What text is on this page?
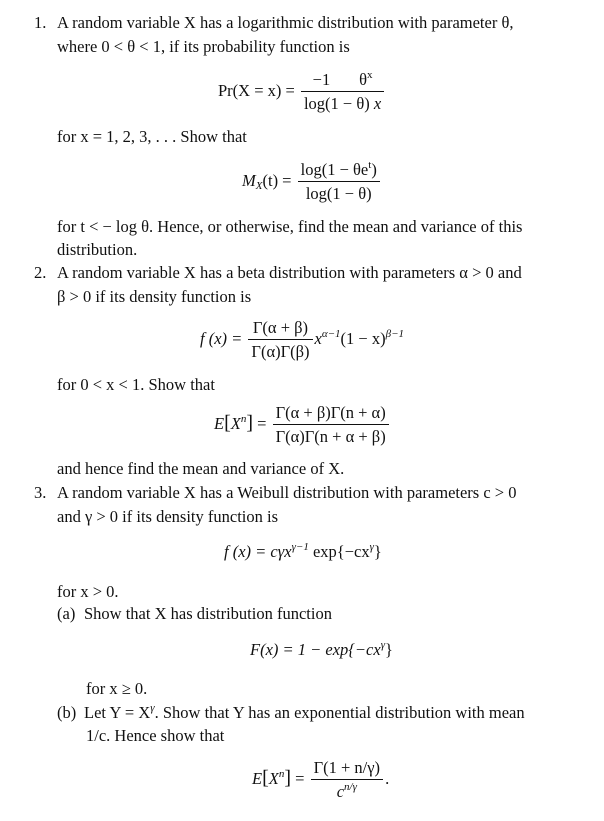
1. A random variable X has a logarithmic distribution with parameter θ,
where 0 < θ < 1, if its probability function is
$Pr(X = x) = \frac{-1 \theta^x}{\log(1 - \theta) x}$
for x = 1, 2, 3, . . . Show that
$M_X(t) = \frac{\log(1 - \theta e^t)}{\log(1 - \theta)}$
for t < − log θ. Hence, or otherwise, find the mean and variance of this
distribution.
2. A random variable X has a beta distribution with parameters α > 0 and
β > 0 if its density function is
f $(x) = \frac{\Gamma(\alpha + \beta)}{\Gamma(\alpha)\Gamma(\beta)} x^{\alpha-1}(1 - x)^{\beta-1}$
for 0 < x < 1. Show that
$E[X^n] = \frac{\Gamma(\alpha + \beta)\Gamma(n + \alpha)}{\Gamma(\alpha)\Gamma(n + \alpha + \beta)}$
and hence find the mean and variance of X.
3. A random variable X has a Weibull distribution with parameters c > 0
and γ > 0 if its density function is
f (x) = cγx$^{\gamma-1}$ $\exp\{-cx^\gamma\}$
for x > 0.
(a) Show that X has distribution function
$F(x) = 1 - \exp\{-cx^\gamma\}$
for x ≥ 0.
(b) Let $Y = X^\gamma$. Show that Y has an exponential distribution with mean
1/c. Hence show that
$E[X^n] = \frac{\Gamma(1 + n/\gamma)}{c^{n/\gamma}}$ .
